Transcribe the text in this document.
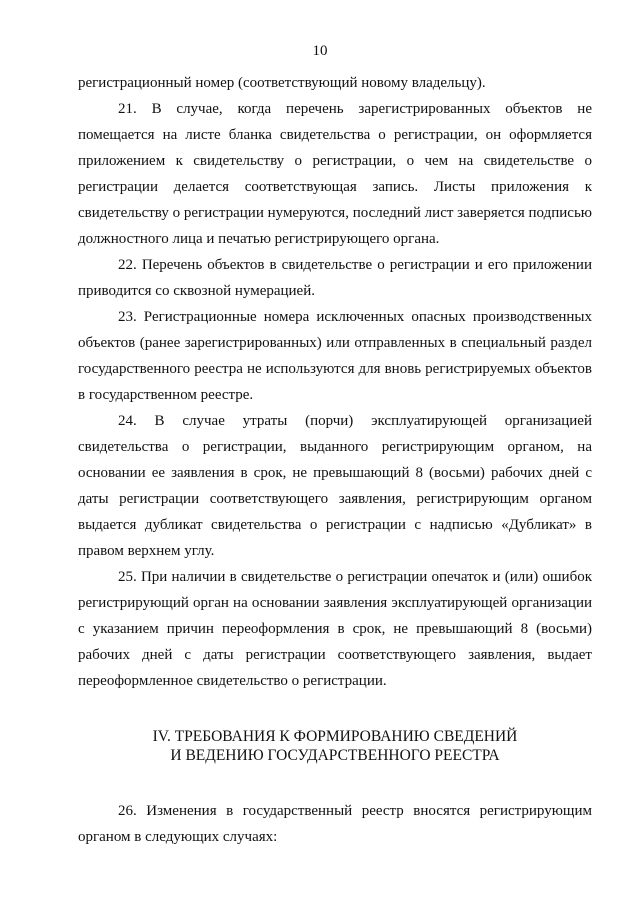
10

регистрационный номер (соответствующий новому владельцу).

21. В случае, когда перечень зарегистрированных объектов не помещается на листе бланка свидетельства о регистрации, он оформляется приложением к свидетельству о регистрации, о чем на свидетельстве о регистрации делается соответствующая запись. Листы приложения к свидетельству о регистрации нумеруются, последний лист заверяется подписью должностного лица и печатью регистрирующего органа.

22. Перечень объектов в свидетельстве о регистрации и его приложении приводится со сквозной нумерацией.

23. Регистрационные номера исключенных опасных производственных объектов (ранее зарегистрированных) или отправленных в специальный раздел государственного реестра не используются для вновь регистрируемых объектов в государственном реестре.

24. В случае утраты (порчи) эксплуатирующей организацией свидетельства о регистрации, выданного регистрирующим органом, на основании ее заявления в срок, не превышающий 8 (восьми) рабочих дней с даты регистрации соответствующего заявления, регистрирующим органом выдается дубликат свидетельства о регистрации с надписью «Дубликат» в правом верхнем углу.

25. При наличии в свидетельстве о регистрации опечаток и (или) ошибок регистрирующий орган на основании заявления эксплуатирующей организации с указанием причин переоформления в срок, не превышающий 8 (восьми) рабочих дней с даты регистрации соответствующего заявления, выдает переоформленное свидетельство о регистрации.

IV. ТРЕБОВАНИЯ К ФОРМИРОВАНИЮ СВЕДЕНИЙ
И ВЕДЕНИЮ ГОСУДАРСТВЕННОГО РЕЕСТРА

26. Изменения в государственный реестр вносятся регистрирующим органом в следующих случаях:
